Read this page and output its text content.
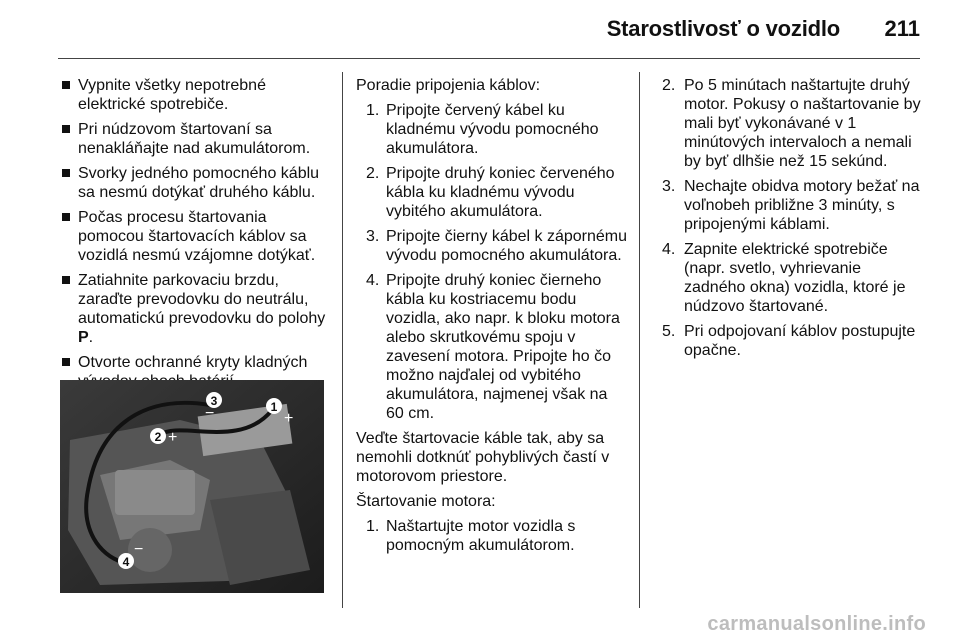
Starostlivosť o vozidlo 211
Vypnite všetky nepotrebné elektrické spotrebiče.
Pri núdzovom štartovaní sa nenakláňajte nad akumulátorom.
Svorky jedného pomocného káblu sa nesmú dotýkať druhého káblu.
Počas procesu štartovania pomocou štartovacích káblov sa vozidlá nesmú vzájomne dotýkať.
Zatiahnite parkovaciu brzdu, zaraďte prevodovku do neutrálu, automatickú prevodovku do polohy P.
Otvorte ochranné kryty kladných
1
+
3
−
2 +
4
−

Poradie pripojenia káblov:

1. Pripojte červený kábel ku kladnému vývodu pomocného akumulátora.
2. Pripojte druhý koniec červeného kábla ku kladnému vývodu vybitého akumulátora.
3. Pripojte čierny kábel k zápornému vývodu pomocného akumulátora.
4. Pripojte druhý koniec čierneho kábla ku kostriacemu bodu vozidla, ako napr. k bloku motora alebo skrutkovému spoju v zavesení motora. Pripojte ho čo možno najďalej od vybitého akumulátora, najmenej však na 60 cm.

Veďte štartovacie káble tak, aby sa nemohli dotknúť pohyblivých častí v motorovom priestore.

Štartovanie motora:

1. Naštartujte motor vozidla s pomocným akumulátorom.
2. Po 5 minútach naštartujte druhý motor. Pokusy o naštartovanie by mali byť vykonávané v 1 minútových intervaloch a nemali by byť dlhšie než 15 sekúnd.
3. Nechajte obidva motory bežať na voľnobeh približne 3 minúty, s pripojenými káblami.
4. Zapnite elektrické spotrebiče (napr. svetlo, vyhrievanie zadného okna) vozidla, ktoré je núdzovo štartované.
5. Pri odpojovaní káblov postupujte opačne.
carmanualsonline.info
